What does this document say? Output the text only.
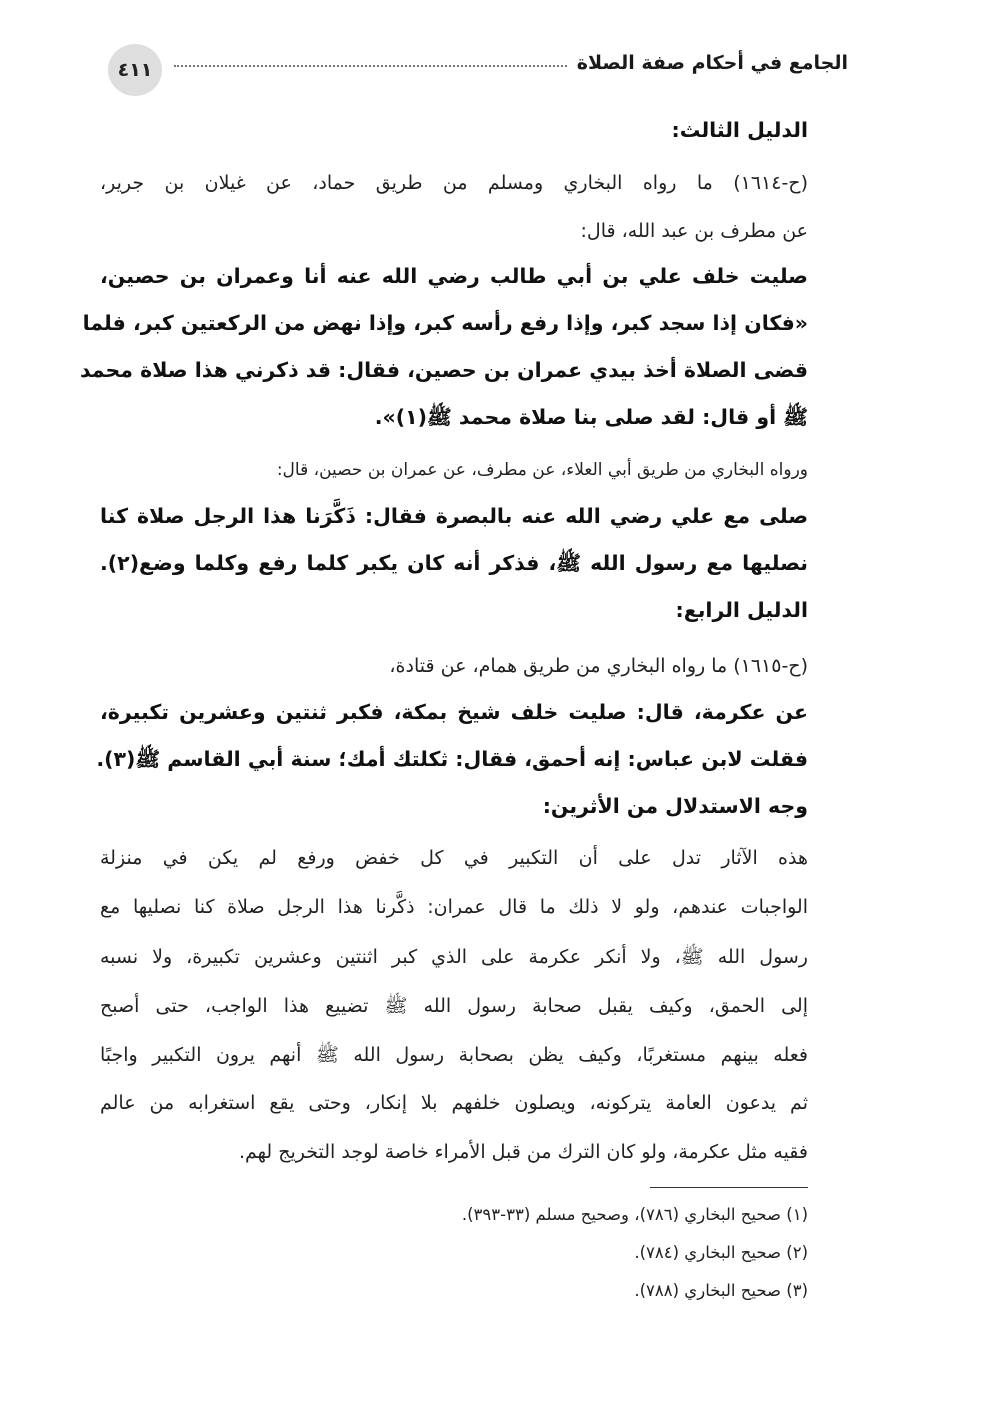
٤١١	الجامع في أحكام صفة الصلاة
الدليل الثالث:
(ح-١٦١٤) ما رواه البخاري ومسلم من طريق حماد، عن غيلان بن جرير،
عن مطرف بن عبد الله، قال:
صليت خلف علي بن أبي طالب رضي الله عنه أنا وعمران بن حصين،
«فكان إذا سجد كبر، وإذا رفع رأسه كبر، وإذا نهض من الركعتين كبر، فلما
قضى الصلاة أخذ بيدي عمران بن حصين، فقال: قد ذكرني هذا صلاة محمد
ﷺ أو قال: لقد صلى بنا صلاة محمد ﷺ(١)».
ورواه البخاري من طريق أبي العلاء، عن مطرف، عن عمران بن حصين، قال:
صلى مع علي رضي الله عنه بالبصرة فقال: ذَكَّرَنا هذا الرجل صلاة كنا
نصليها مع رسول الله ﷺ، فذكر أنه كان يكبر كلما رفع وكلما وضع(٢).
الدليل الرابع:
(ح-١٦١٥) ما رواه البخاري من طريق همام، عن قتادة،
عن عكرمة، قال: صليت خلف شيخ بمكة، فكبر ثنتين وعشرين تكبيرة،
فقلت لابن عباس: إنه أحمق، فقال: ثكلتك أمك؛ سنة أبي القاسم ﷺ(٣).
وجه الاستدلال من الأثرين:
هذه الآثار تدل على أن التكبير في كل خفض ورفع لم يكن في منزلة
الواجبات عندهم، ولو لا ذلك ما قال عمران: ذكَّرنا هذا الرجل صلاة كنا نصليها مع
رسول الله ﷺ، ولا أنكر عكرمة على الذي كبر اثنتين وعشرين تكبيرة، ولا نسبه
إلى الحمق، وكيف يقبل صحابة رسول الله ﷺ تضييع هذا الواجب، حتى أصبح
فعله بينهم مستغربًا، وكيف يظن بصحابة رسول الله ﷺ أنهم يرون التكبير واجبًا
ثم يدعون العامة يتركونه، ويصلون خلفهم بلا إنكار، وحتى يقع استغرابه من عالم
فقيه مثل عكرمة، ولو كان الترك من قبل الأمراء خاصة لوجد التخريج لهم.
(١) صحيح البخاري (٧٨٦)، وصحيح مسلم (٣٣-٣٩٣).
(٢) صحيح البخاري (٧٨٤).
(٣) صحيح البخاري (٧٨٨).
